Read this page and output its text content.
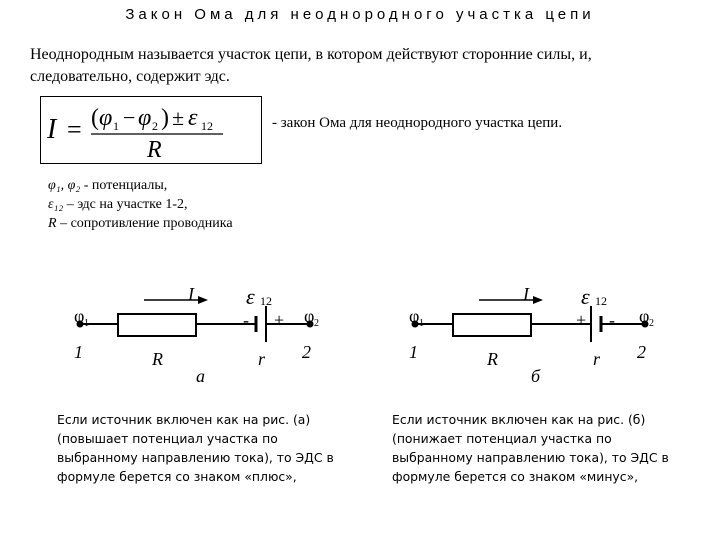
Закон Ома для неоднородного участка цепи
Неоднородным называется участок цепи, в котором действуют сторонние силы, и, следовательно, содержит эдс.
I = ( φ 1 − φ 2 ) ± ε 12
R
- закон Ома для неоднородного участка цепи.
φ₁, φ₂ - потенциалы,
ε₁₂ – эдс на участке 1-2,
R – сопротивление проводника
I ε 12
- +
φ 1	φ 2
1	2
R	r
а
I ε 12
+ -
φ 1	φ 2
1	2
R	r
б
Если источник включен как на рис. (а) (повышает потенциал участка по выбранному направлению тока), то ЭДС в формуле берется со знаком «плюс»,
Если источник включен как на рис. (б) (понижает потенциал участка по выбранному направлению тока), то ЭДС в формуле берется со знаком «минус»,
